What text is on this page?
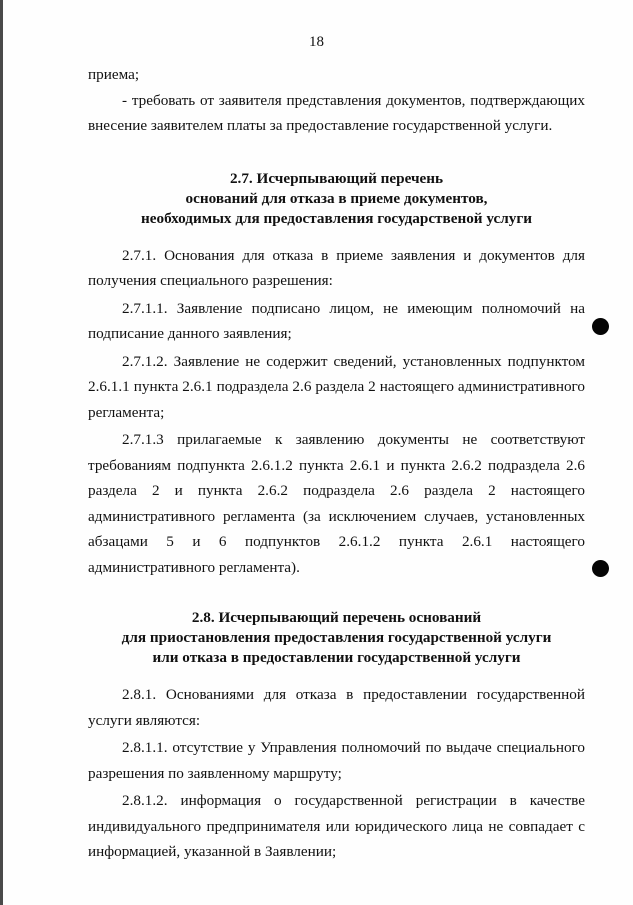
18

приема;

- требовать от заявителя представления документов, подтверждающих внесение заявителем платы за предоставление государственной услуги.

2.7. Исчерпывающий перечень
оснований для отказа в приеме документов,
необходимых для предоставления государственой услуги

2.7.1. Основания для отказа в приеме заявления и документов для получения специального разрешения:

2.7.1.1. Заявление подписано лицом, не имеющим полномочий на подписание данного заявления;

2.7.1.2. Заявление не содержит сведений, установленных подпунктом 2.6.1.1 пункта 2.6.1 подраздела 2.6 раздела 2 настоящего административного регламента;

2.7.1.3 прилагаемые к заявлению документы не соответствуют требованиям подпункта 2.6.1.2 пункта 2.6.1 и пункта 2.6.2 подраздела 2.6 раздела 2 и пункта 2.6.2 подраздела 2.6 раздела 2 настоящего административного регламента (за исключением случаев, установленных абзацами 5 и 6 подпунктов 2.6.1.2 пункта 2.6.1 настоящего административного регламента).

2.8. Исчерпывающий перечень оснований
для приостановления предоставления государственной услуги
или отказа в предоставлении государственной услуги

2.8.1. Основаниями для отказа в предоставлении государственной услуги являются:

2.8.1.1. отсутствие у Управления полномочий по выдаче специального разрешения по заявленному маршруту;

2.8.1.2. информация о государственной регистрации в качестве индивидуального предпринимателя или юридического лица не совпадает с информацией, указанной в Заявлении;
